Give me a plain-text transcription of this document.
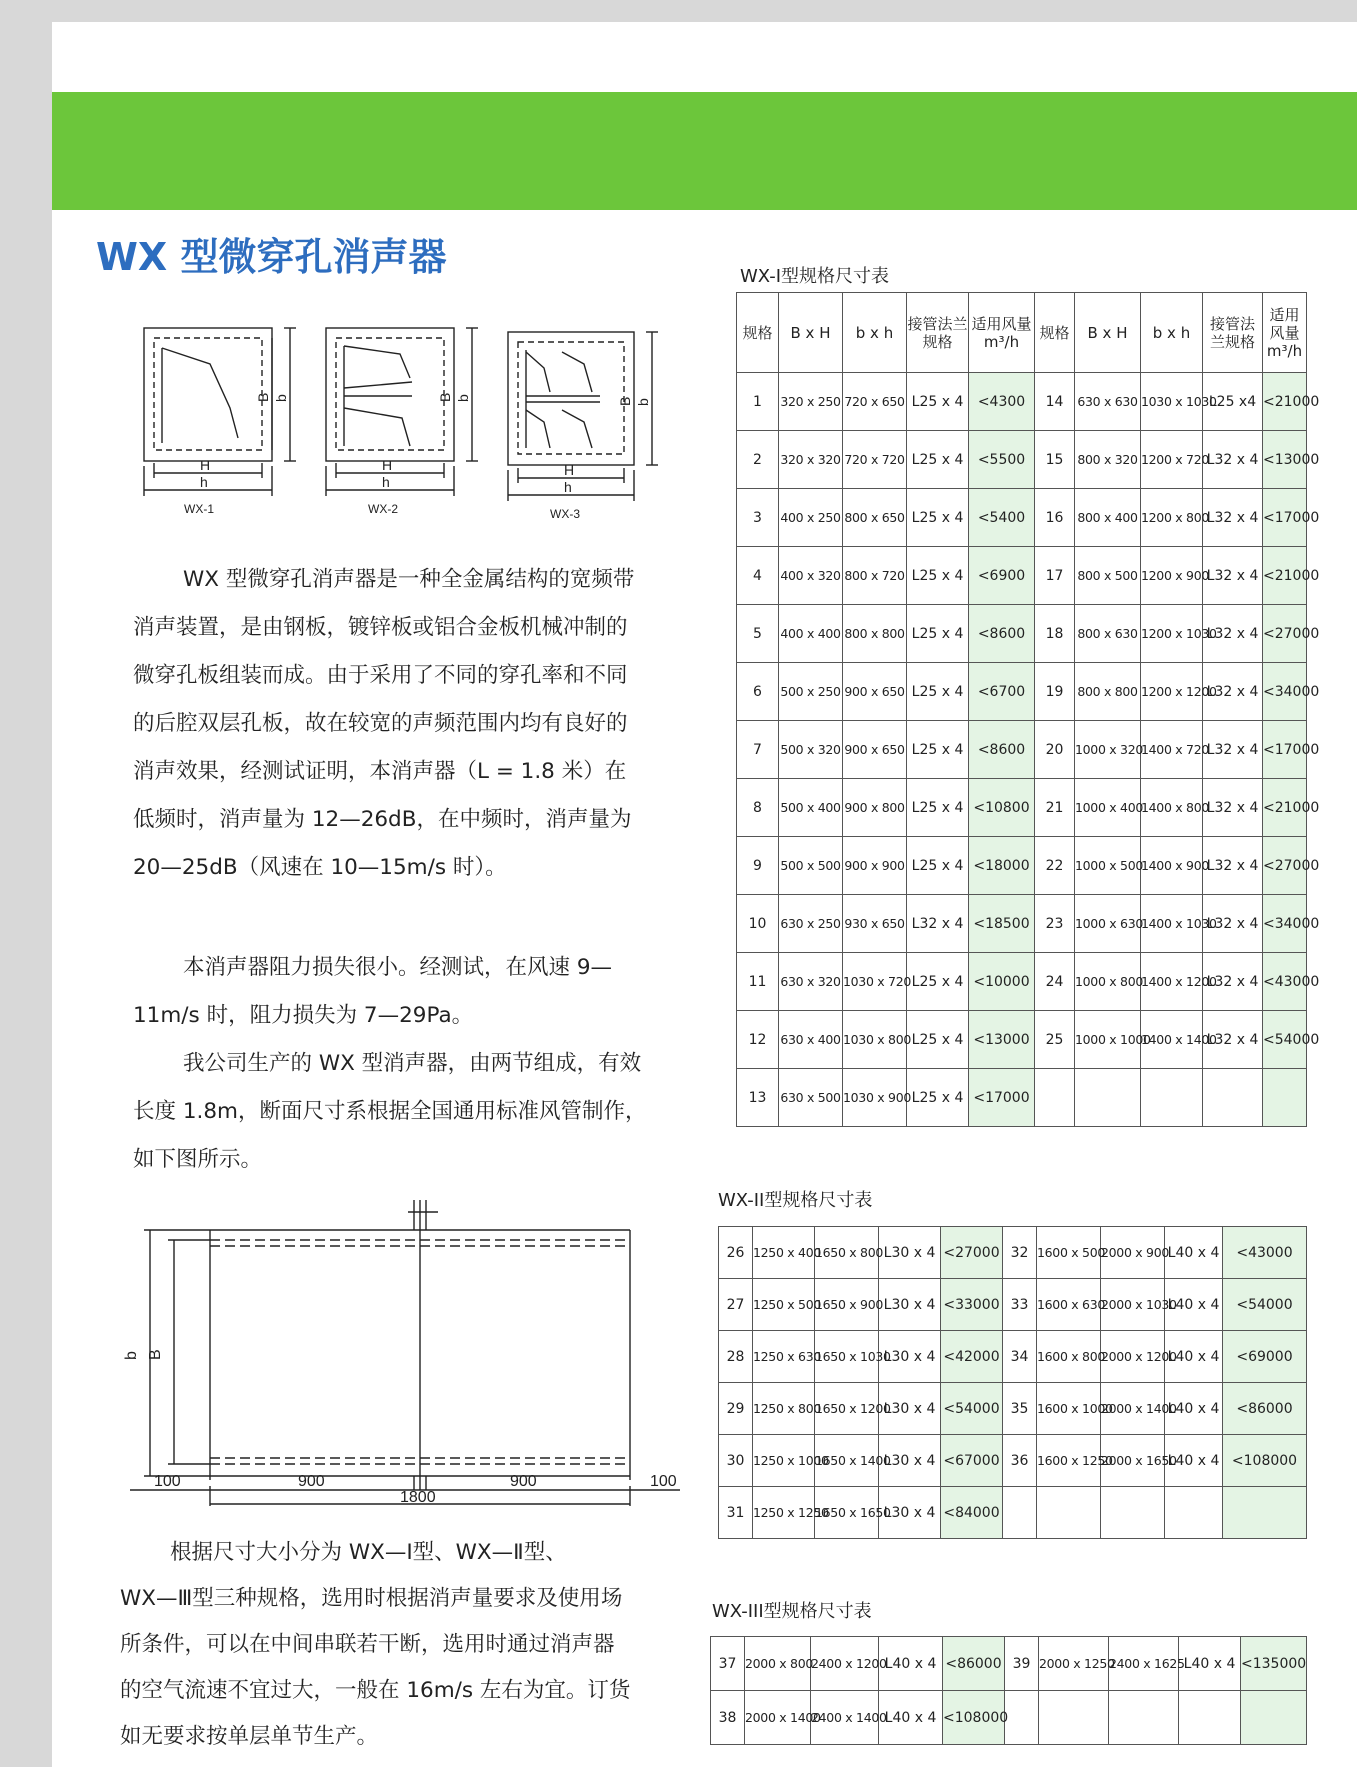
WX 型微穿孔消声器
H
h
B b
WX-1
H
h
B b
WX-2
H
h
B b
WX-3
WX 型微穿孔消声器是一种全金属结构的宽频带
消声装置，是由钢板，镀锌板或铝合金板机械冲制的
微穿孔板组装而成。由于采用了不同的穿孔率和不同
的后腔双层孔板，故在较宽的声频范围内均有良好的
消声效果，经测试证明，本消声器（L = 1.8 米）在
低频时，消声量为 12—26dB，在中频时，消声量为
20—25dB（风速在 10—15m/s 时）。
本消声器阻力损失很小。经测试，在风速 9—
11m/s 时，阻力损失为 7—29Pa。
我公司生产的 WX 型消声器，由两节组成，有效
长度 1.8m，断面尺寸系根据全国通用标准风管制作，
如下图所示。
b B
100	900	900	100
1800
根据尺寸大小分为 WX—Ⅰ型、WX—Ⅱ型、
WX—Ⅲ型三种规格，选用时根据消声量要求及使用场
所条件，可以在中间串联若干断，选用时通过消声器
的空气流速不宜过大，一般在 16m/s 左右为宜。订货
如无要求按单层单节生产。
WX-I型规格尺寸表
WX-II型规格尺寸表
WX-III型规格尺寸表
规格	B x H	b x h	接管法兰规格	适用风量m³/h	规格	B x H	b x h	接管法兰规格	适用风量m³/h
1	320 x 250	720 x 650	L25 x 4	<4300	14	630 x 630	1030 x 1030	L25 x4	<21000
2	320 x 320	720 x 720	L25 x 4	<5500	15	800 x 320	1200 x 720	L32 x 4	<13000
3	400 x 250	800 x 650	L25 x 4	<5400	16	800 x 400	1200 x 800	L32 x 4	<17000
4	400 x 320	800 x 720	L25 x 4	<6900	17	800 x 500	1200 x 900	L32 x 4	<21000
5	400 x 400	800 x 800	L25 x 4	<8600	18	800 x 630	1200 x 1030	L32 x 4	<27000
6	500 x 250	900 x 650	L25 x 4	<6700	19	800 x 800	1200 x 1200	L32 x 4	<34000
7	500 x 320	900 x 650	L25 x 4	<8600	20	1000 x 320	1400 x 720	L32 x 4	<17000
8	500 x 400	900 x 800	L25 x 4	<10800	21	1000 x 400	1400 x 800	L32 x 4	<21000
9	500 x 500	900 x 900	L25 x 4	<18000	22	1000 x 500	1400 x 900	L32 x 4	<27000
10	630 x 250	930 x 650	L32 x 4	<18500	23	1000 x 630	1400 x 1030	L32 x 4	<34000
11	630 x 320	1030 x 720	L25 x 4	<10000	24	1000 x 800	1400 x 1200	L32 x 4	<43000
12	630 x 400	1030 x 800	L25 x 4	<13000	25	1000 x 1000	1400 x 1400	L32 x 4	<54000
13	630 x 500	1030 x 900	L25 x 4	<17000					
26	1250 x 400	1650 x 800	L30 x 4	<27000	32	1600 x 500	2000 x 900	L40 x 4	<43000
27	1250 x 500	1650 x 900	L30 x 4	<33000	33	1600 x 630	2000 x 1030	L40 x 4	<54000
28	1250 x 630	1650 x 1030	L30 x 4	<42000	34	1600 x 800	2000 x 1200	L40 x 4	<69000
29	1250 x 800	1650 x 1200	L30 x 4	<54000	35	1600 x 1000	2000 x 1400	L40 x 4	<86000
30	1250 x 1000	1650 x 1400	L30 x 4	<67000	36	1600 x 1250	2000 x 1650	L40 x 4	<108000
31	1250 x 1250	1650 x 1650	L30 x 4	<84000					
37	2000 x 800	2400 x 1200	L40 x 4	<86000	39	2000 x 1250	2400 x 1625	L40 x 4	<135000
38	2000 x 1400	2400 x 1400	L40 x 4	<108000					
